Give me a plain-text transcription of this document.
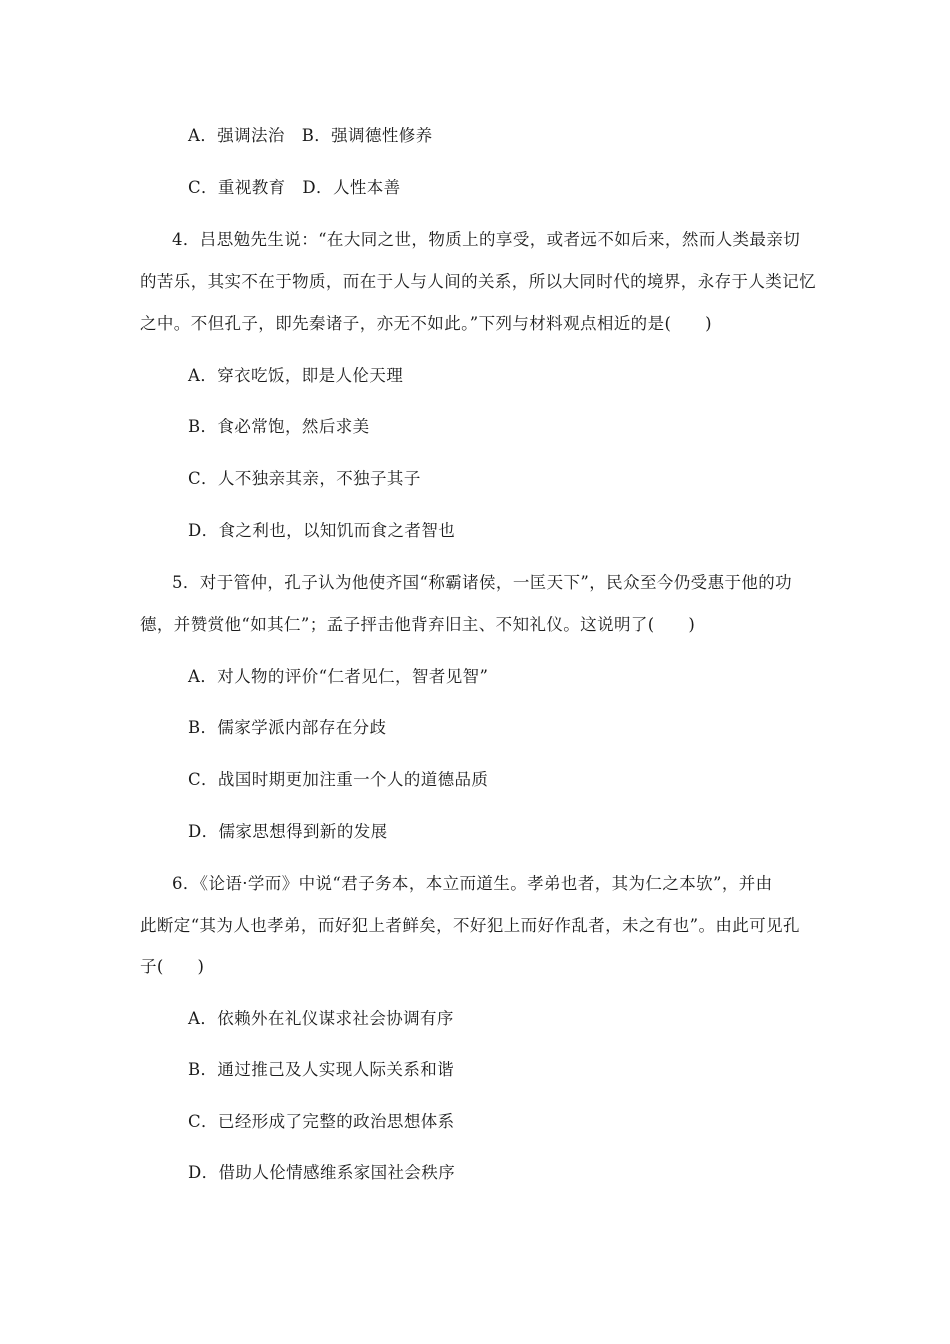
A．强调法治　B．强调德性修养
C．重视教育　D．人性本善
4．吕思勉先生说：“在大同之世，物质上的享受，或者远不如后来，然而人类最亲切
的苦乐，其实不在于物质，而在于人与人间的关系，所以大同时代的境界，永存于人类记忆
之中。不但孔子，即先秦诸子，亦无不如此。”下列与材料观点相近的是(　　)
A．穿衣吃饭，即是人伦天理
B．食必常饱，然后求美
C．人不独亲其亲，不独子其子
D．食之利也，以知饥而食之者智也
5．对于管仲，孔子认为他使齐国“称霸诸侯，一匡天下”，民众至今仍受惠于他的功
德，并赞赏他“如其仁”；孟子抨击他背弃旧主、不知礼仪。这说明了(　　)
A．对人物的评价“仁者见仁，智者见智”
B．儒家学派内部存在分歧
C．战国时期更加注重一个人的道德品质
D．儒家思想得到新的发展
6．《论语·学而》中说“君子务本，本立而道生。孝弟也者，其为仁之本欤”，并由
此断定“其为人也孝弟，而好犯上者鲜矣，不好犯上而好作乱者，未之有也”。由此可见孔
子(　　)
A．依赖外在礼仪谋求社会协调有序
B．通过推己及人实现人际关系和谐
C．已经形成了完整的政治思想体系
D．借助人伦情感维系家国社会秩序
